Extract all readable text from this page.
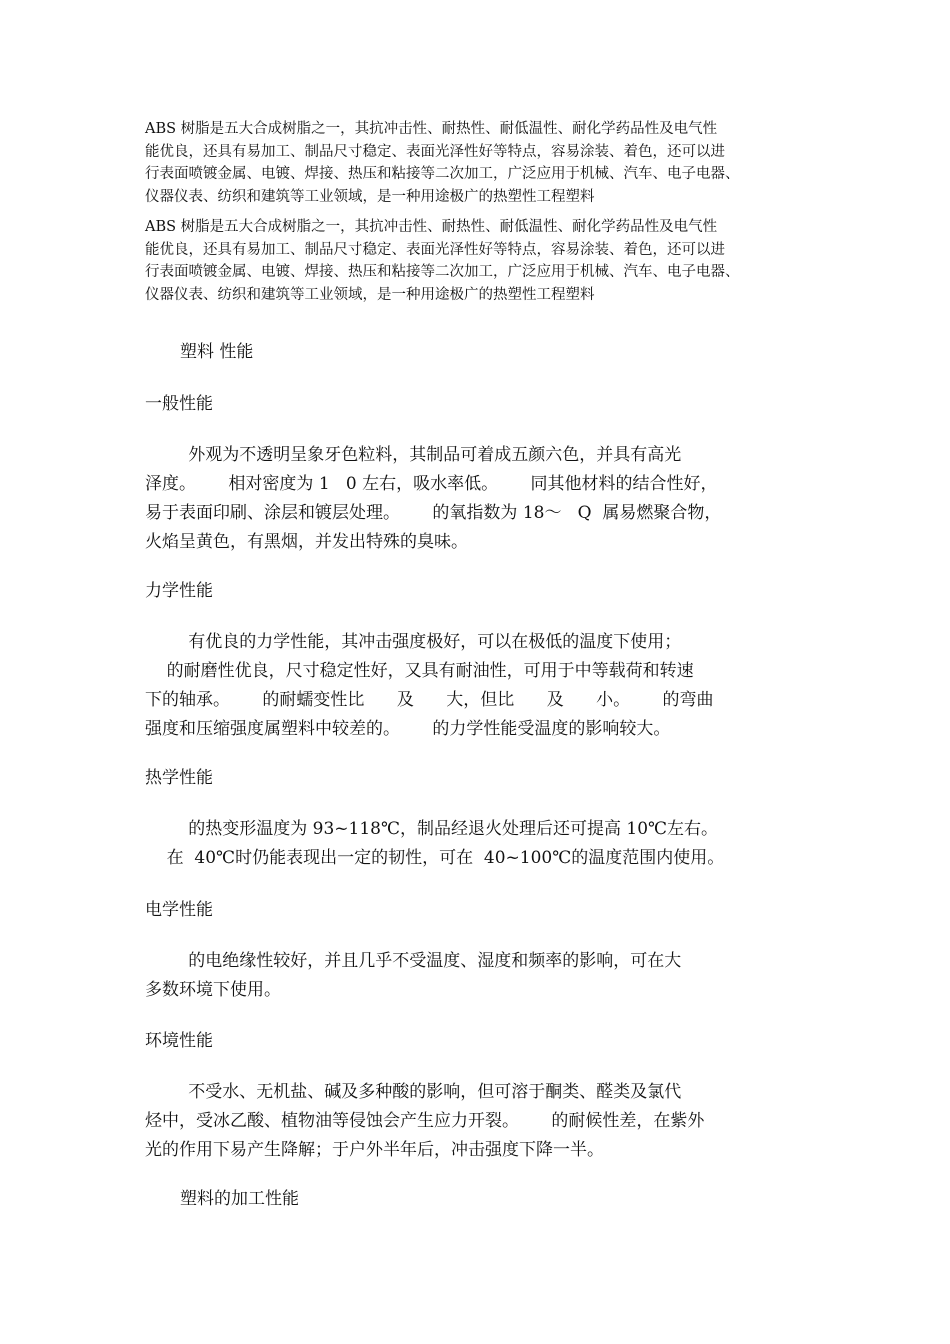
ABS 树脂是五大合成树脂之一，其抗冲击性、耐热性、耐低温性、耐化学药品性及电气性
能优良，还具有易加工、制品尺寸稳定、表面光泽性好等特点，容易涂装、着色，还可以进
行表面喷镀金属、电镀、焊接、热压和粘接等二次加工，广泛应用于机械、汽车、电子电器、
仪器仪表、纺织和建筑等工业领域，是一种用途极广的热塑性工程塑料
ABS 树脂是五大合成树脂之一，其抗冲击性、耐热性、耐低温性、耐化学药品性及电气性
能优良，还具有易加工、制品尺寸稳定、表面光泽性好等特点，容易涂装、着色，还可以进
行表面喷镀金属、电镀、焊接、热压和粘接等二次加工，广泛应用于机械、汽车、电子电器、
仪器仪表、纺织和建筑等工业领域，是一种用途极广的热塑性工程塑料
塑料 性能
一般性能
外观为不透明呈象牙色粒料，其制品可着成五颜六色，并具有高光
泽度。      相对密度为 1   0 左右，吸水率低。      同其他材料的结合性好，
易于表面印刷、涂层和镀层处理。      的氧指数为 18～   Q  属易燃聚合物，
火焰呈黄色，有黑烟，并发出特殊的臭味。
力学性能
有优良的力学性能，其冲击强度极好，可以在极低的温度下使用；
的耐磨性优良，尺寸稳定性好，又具有耐油性，可用于中等载荷和转速
下的轴承。      的耐蠕变性比      及      大，但比      及      小。      的弯曲
强度和压缩强度属塑料中较差的。      的力学性能受温度的影响较大。
热学性能
的热变形温度为 93~118℃，制品经退火处理后还可提高 10℃左右。
在  40℃时仍能表现出一定的韧性，可在  40~100℃的温度范围内使用。
电学性能
的电绝缘性较好，并且几乎不受温度、湿度和频率的影响，可在大
多数环境下使用。
环境性能
不受水、无机盐、碱及多种酸的影响，但可溶于酮类、醛类及氯代
烃中，受冰乙酸、植物油等侵蚀会产生应力开裂。      的耐候性差，在紫外
光的作用下易产生降解；于户外半年后，冲击强度下降一半。
塑料的加工性能
